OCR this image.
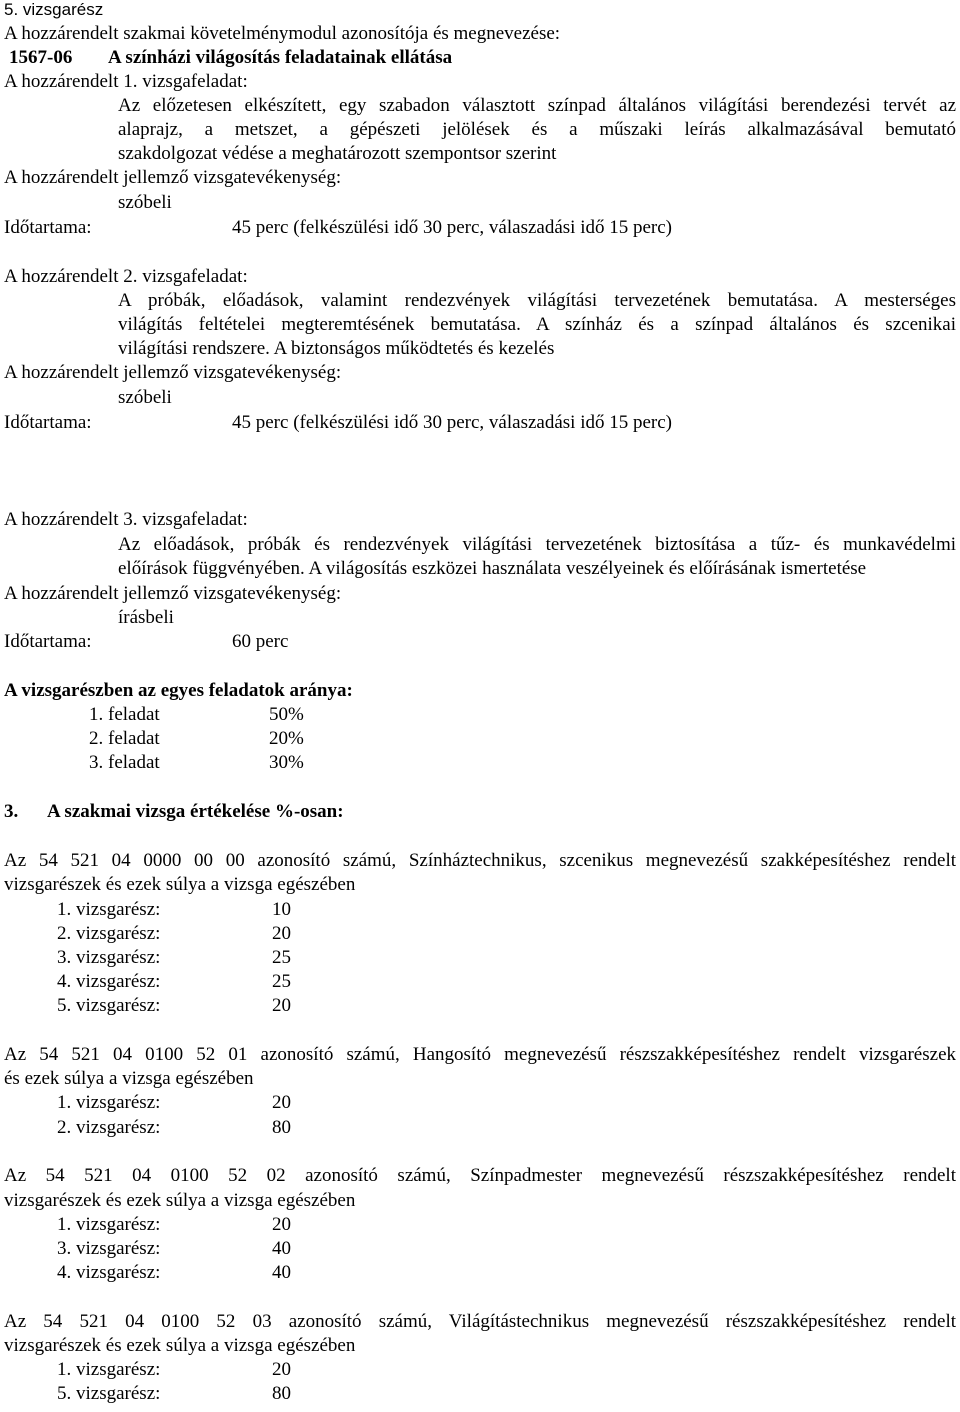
5. vizsgarész
A hozzárendelt szakmai követelménymodul azonosítója és megnevezése:
1567-06 A színházi világosítás feladatainak ellátása
A hozzárendelt 1. vizsgafeladat:
Az előzetesen elkészített, egy szabadon választott színpad általános világítási berendezési tervét az
alaprajz, a metszet, a gépészeti jelölések és a műszaki leírás alkalmazásával bemutató
szakdolgozat védése a meghatározott szempontsor szerint
A hozzárendelt jellemző vizsgatevékenység:
szóbeli
Időtartama:	45 perc (felkészülési idő 30 perc, válaszadási idő 15 perc)
A hozzárendelt 2. vizsgafeladat:
A próbák, előadások, valamint rendezvények világítási tervezetének bemutatása. A mesterséges
világítás feltételei megteremtésének bemutatása. A színház és a színpad általános és szcenikai
világítási rendszere. A biztonságos működtetés és kezelés
A hozzárendelt jellemző vizsgatevékenység:
szóbeli
Időtartama:	45 perc (felkészülési idő 30 perc, válaszadási idő 15 perc)
A hozzárendelt 3. vizsgafeladat:
Az előadások, próbák és rendezvények világítási tervezetének biztosítása a tűz- és munkavédelmi
előírások függvényében. A világosítás eszközei használata veszélyeinek és előírásának ismertetése
A hozzárendelt jellemző vizsgatevékenység:
írásbeli
Időtartama:	60 perc
A vizsgarészben az egyes feladatok aránya:
1. feladat	50%
2. feladat	20%
3. feladat	30%
3. A szakmai vizsga értékelése %-osan:
Az 54 521 04 0000 00 00 azonosító számú, Színháztechnikus, szcenikus megnevezésű szakképesítéshez rendelt
vizsgarészek és ezek súlya a vizsga egészében
1. vizsgarész:	10
2. vizsgarész:	20
3. vizsgarész:	25
4. vizsgarész:	25
5. vizsgarész:	20
Az 54 521 04 0100 52 01 azonosító számú, Hangosító megnevezésű részszakképesítéshez rendelt vizsgarészek
és ezek súlya a vizsga egészében
1. vizsgarész:	20
2. vizsgarész:	80
Az 54 521 04 0100 52 02 azonosító számú, Színpadmester megnevezésű részszakképesítéshez rendelt
vizsgarészek és ezek súlya a vizsga egészében
1. vizsgarész:	20
3. vizsgarész:	40
4. vizsgarész:	40
Az 54 521 04 0100 52 03 azonosító számú, Világítástechnikus megnevezésű részszakképesítéshez rendelt
vizsgarészek és ezek súlya a vizsga egészében
1. vizsgarész:	20
5. vizsgarész:	80
